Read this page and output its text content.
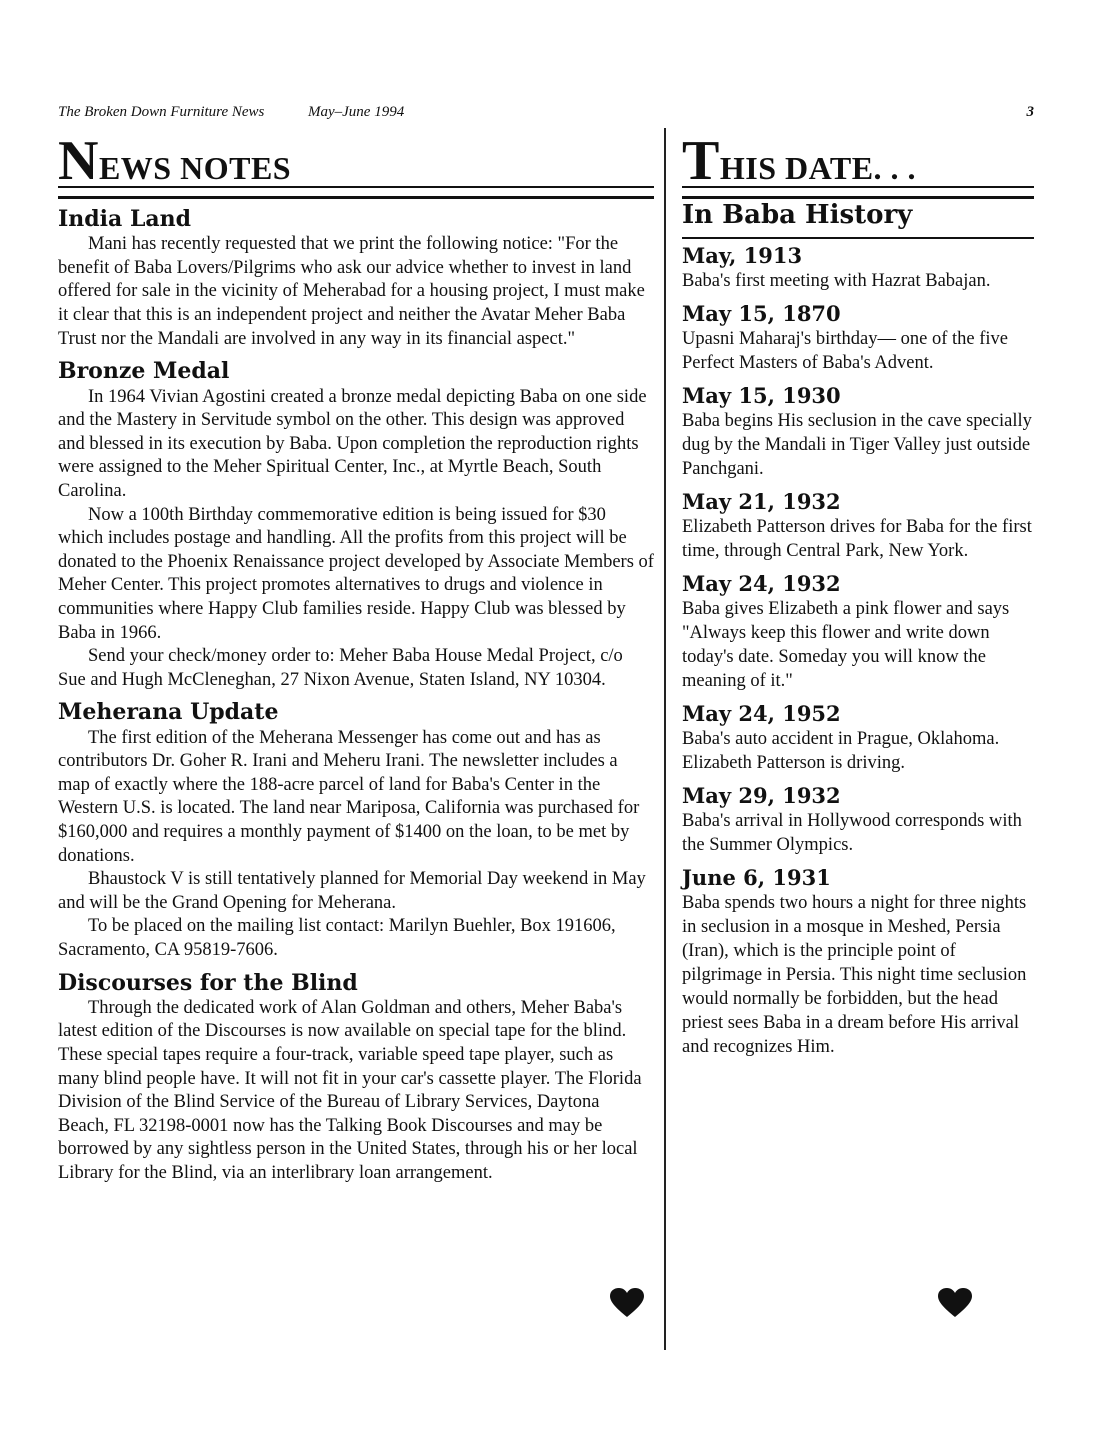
The Broken Down Furniture News	May–June 1994	3
NEWS NOTES
India Land

Mani has recently requested that we print the following notice: "For the benefit of Baba Lovers/Pilgrims who ask our advice whether to invest in land offered for sale in the vicinity of Meherabad for a housing project, I must make it clear that this is an independent project and neither the Avatar Meher Baba Trust nor the Mandali are involved in any way in its financial aspect."

Bronze Medal

In 1964 Vivian Agostini created a bronze medal depicting Baba on one side and the Mastery in Servitude symbol on the other. This design was approved and blessed in its execution by Baba. Upon completion the reproduction rights were assigned to the Meher Spiritual Center, Inc., at Myrtle Beach, South Carolina.

Now a 100th Birthday commemorative edition is being issued for $30 which includes postage and handling. All the profits from this project will be donated to the Phoenix Renaissance project developed by Associate Members of Meher Center. This project promotes alternatives to drugs and violence in communities where Happy Club families reside. Happy Club was blessed by Baba in 1966.

Send your check/money order to: Meher Baba House Medal Project, c/o Sue and Hugh McCleneghan, 27 Nixon Avenue, Staten Island, NY 10304.

Meherana Update

The first edition of the Meherana Messenger has come out and has as contributors Dr. Goher R. Irani and Meheru Irani. The newsletter includes a map of exactly where the 188-acre parcel of land for Baba's Center in the Western U.S. is located. The land near Mariposa, California was purchased for $160,000 and requires a monthly payment of $1400 on the loan, to be met by donations.

Bhaustock V is still tentatively planned for Memorial Day weekend in May and will be the Grand Opening for Meherana.

To be placed on the mailing list contact: Marilyn Buehler, Box 191606, Sacramento, CA 95819-7606.

Discourses for the Blind

Through the dedicated work of Alan Goldman and others, Meher Baba's latest edition of the Discourses is now available on special tape for the blind. These special tapes require a four-track, variable speed tape player, such as many blind people have. It will not fit in your car's cassette player. The Florida Division of the Blind Service of the Bureau of Library Services, Daytona Beach, FL 32198-0001 now has the Talking Book Discourses and may be borrowed by any sightless person in the United States, through his or her local Library for the Blind, via an interlibrary loan arrangement.

THIS DATE. . .
In Baba History
May, 1913
Baba's first meeting with Hazrat Babajan.
May 15, 1870
Upasni Maharaj's birthday— one of the five Perfect Masters of Baba's Advent.
May 15, 1930
Baba begins His seclusion in the cave specially dug by the Mandali in Tiger Valley just outside Panchgani.
May 21, 1932
Elizabeth Patterson drives for Baba for the first time, through Central Park, New York.
May 24, 1932
Baba gives Elizabeth a pink flower and says "Always keep this flower and write down today's date. Someday you will know the meaning of it."
May 24, 1952
Baba's auto accident in Prague, Oklahoma. Elizabeth Patterson is driving.
May 29, 1932
Baba's arrival in Hollywood corresponds with the Summer Olympics.
June 6, 1931
Baba spends two hours a night for three nights in seclusion in a mosque in Meshed, Persia (Iran), which is the principle point of pilgrimage in Persia. This night time seclusion would normally be forbidden, but the head priest sees Baba in a dream before His arrival and recognizes Him.
